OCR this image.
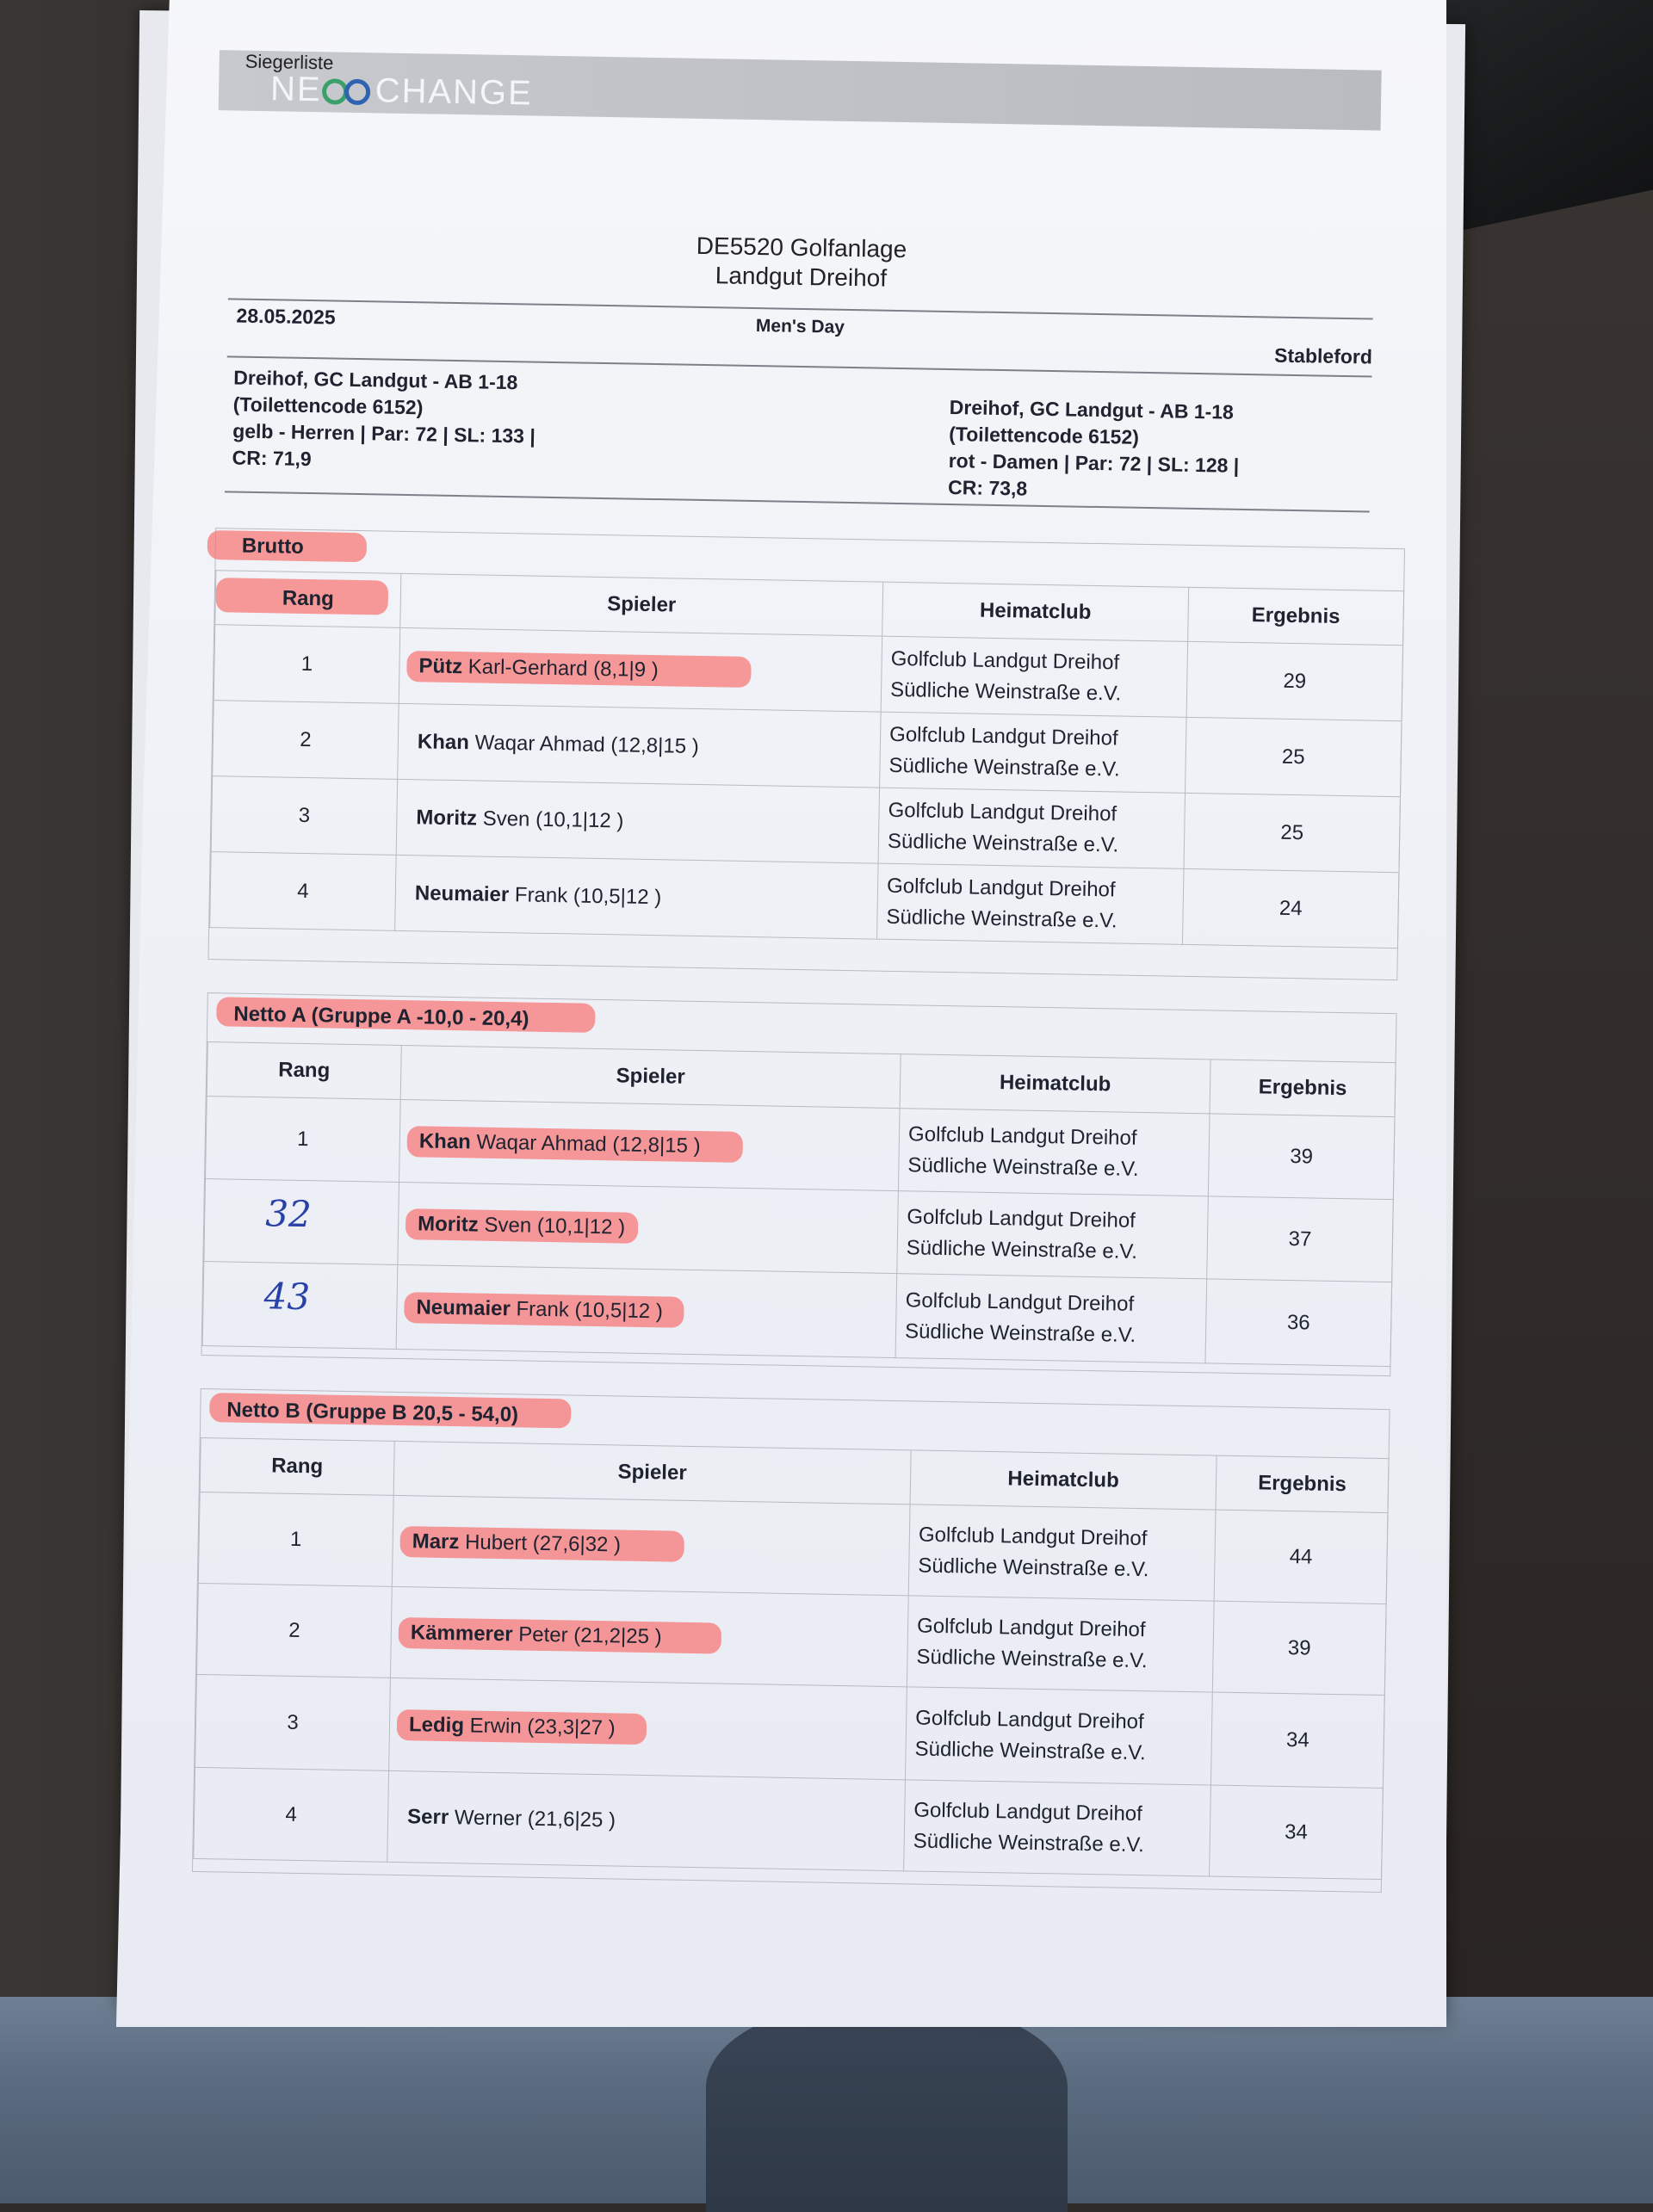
Siegerliste
NE CHANGE
DE5520 Golfanlage
Landgut Dreihof
28.05.2025	Men's Day
Stableford
Dreihof, GC Landgut - AB 1-18
(Toilettencode 6152)
gelb - Herren | Par: 72 | SL: 133 |
CR: 71,9
Dreihof, GC Landgut - AB 1-18
(Toilettencode 6152)
rot - Damen | Par: 72 | SL: 128 |
CR: 73,8
Brutto
Rang	Spieler	Heimatclub	Ergebnis
1	Pütz Karl-Gerhard (8,1|9 )	Golfclub Landgut Dreihof
Südliche Weinstraße e.V.	29
2	Khan Waqar Ahmad (12,8|15 )	Golfclub Landgut Dreihof
Südliche Weinstraße e.V.	25
3	Moritz Sven (10,1|12 )	Golfclub Landgut Dreihof
Südliche Weinstraße e.V.	25
4	Neumaier Frank (10,5|12 )	Golfclub Landgut Dreihof
Südliche Weinstraße e.V.	24
Netto A (Gruppe A -10,0 - 20,4)
Rang	Spieler	Heimatclub	Ergebnis
1	Khan Waqar Ahmad (12,8|15 )	Golfclub Landgut Dreihof
Südliche Weinstraße e.V.	39

32	Moritz Sven (10,1|12 )	Golfclub Landgut Dreihof
Südliche Weinstraße e.V.	37

43	Neumaier Frank (10,5|12 )	Golfclub Landgut Dreihof
Südliche Weinstraße e.V.	36
Netto B (Gruppe B 20,5 - 54,0)
Rang	Spieler	Heimatclub	Ergebnis
1	Marz Hubert (27,6|32 )	Golfclub Landgut Dreihof
Südliche Weinstraße e.V.	44
2	Kämmerer Peter (21,2|25 )	Golfclub Landgut Dreihof
Südliche Weinstraße e.V.	39
3	Ledig Erwin (23,3|27 )	Golfclub Landgut Dreihof
Südliche Weinstraße e.V.	34
4	Serr Werner (21,6|25 )	Golfclub Landgut Dreihof
Südliche Weinstraße e.V.	34
